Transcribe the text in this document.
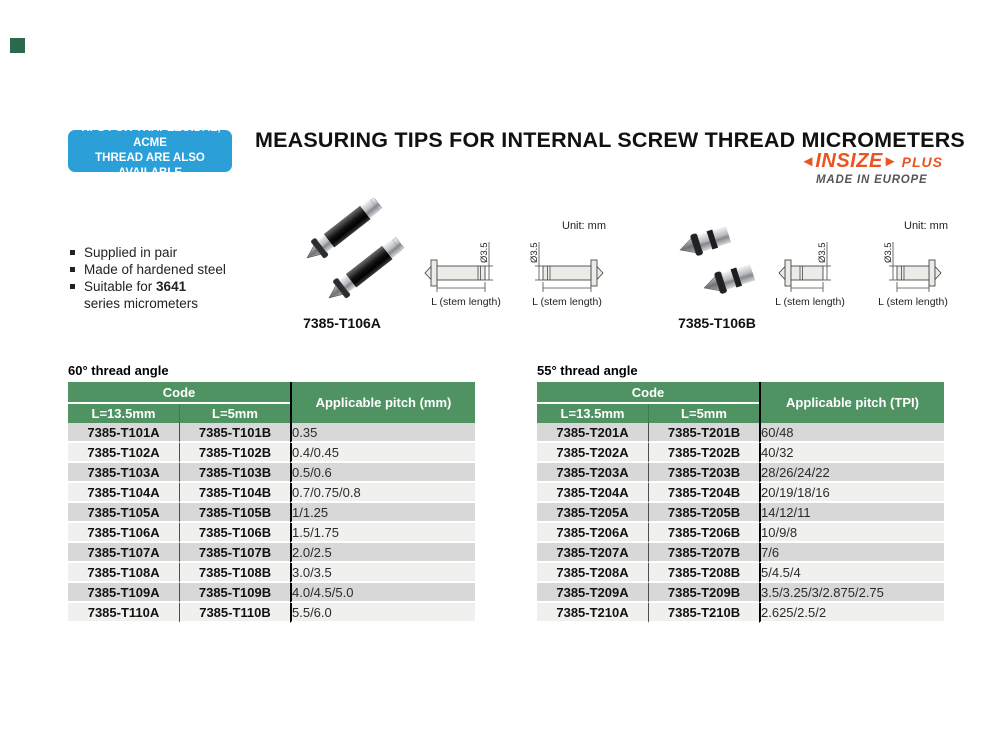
TIPS FOR TRAPEZOIDAL, ACME
THREAD ARE ALSO AVAILABLE
MEASURING TIPS FOR INTERNAL SCREW THREAD MICROMETERS
◄INSIZE► PLUS
MADE IN EUROPE
Supplied in pair
Made of hardened steel
Suitable for 3641
series micrometers
7385-T106A
Unit: mm
Ø3.5
L (stem length)
Ø3.5
L (stem length)
7385-T106B
Unit: mm
Ø3.5
L (stem length)
Ø3.5
L (stem length)

60° thread angle

Code		Applicable pitch (mm)
L=13.5mm	L=5mm	
7385-T101A	7385-T101B	0.35
7385-T102A	7385-T102B	0.4/0.45
7385-T103A	7385-T103B	0.5/0.6
7385-T104A	7385-T104B	0.7/0.75/0.8
7385-T105A	7385-T105B	1/1.25
7385-T106A	7385-T106B	1.5/1.75
7385-T107A	7385-T107B	2.0/2.5
7385-T108A	7385-T108B	3.0/3.5
7385-T109A	7385-T109B	4.0/4.5/5.0
7385-T110A	7385-T110B	5.5/6.0

55° thread angle

Code		Applicable pitch (TPI)
L=13.5mm	L=5mm	
7385-T201A	7385-T201B	60/48
7385-T202A	7385-T202B	40/32
7385-T203A	7385-T203B	28/26/24/22
7385-T204A	7385-T204B	20/19/18/16
7385-T205A	7385-T205B	14/12/11
7385-T206A	7385-T206B	10/9/8
7385-T207A	7385-T207B	7/6
7385-T208A	7385-T208B	5/4.5/4
7385-T209A	7385-T209B	3.5/3.25/3/2.875/2.75
7385-T210A	7385-T210B	2.625/2.5/2
